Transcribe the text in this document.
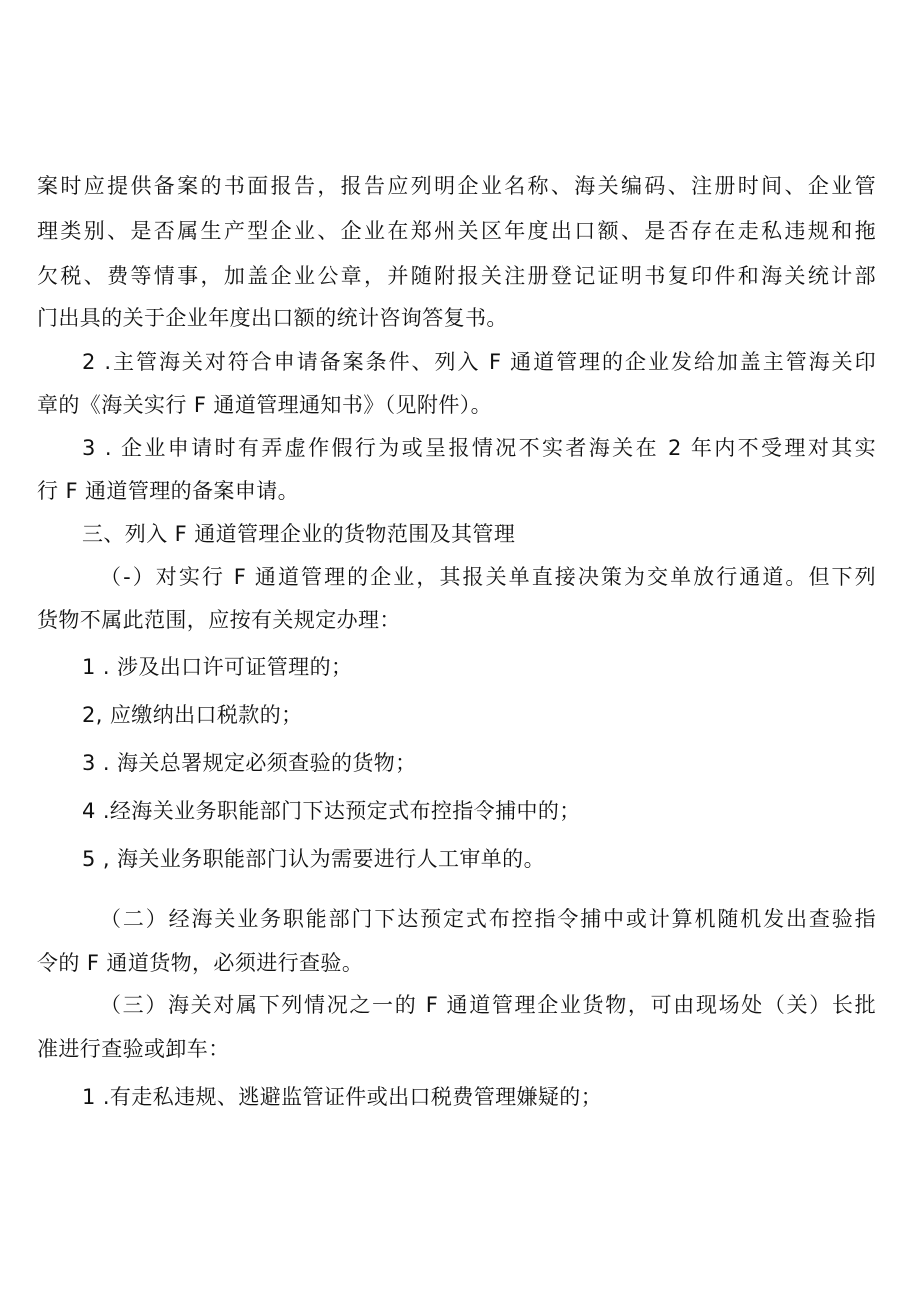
案时应提供备案的书面报告，报告应列明企业名称、海关编码、注册时间、企业管

理类别、是否属生产型企业、企业在郑州关区年度出口额、是否存在走私违规和拖

欠税、费等情事，加盖企业公章，并随附报关注册登记证明书复印件和海关统计部

门出具的关于企业年度出口额的统计咨询答复书。

2 .主管海关对符合申请备案条件、列入 F 通道管理的企业发给加盖主管海关印

章的《海关实行 F 通道管理通知书》（见附件）。

3 . 企业申请时有弄虚作假行为或呈报情况不实者海关在 2 年内不受理对其实

行 F 通道管理的备案申请。

三、列入 F 通道管理企业的货物范围及其管理

（-）对实行 F 通道管理的企业，其报关单直接决策为交单放行通道。但下列

货物不属此范围，应按有关规定办理：

1 . 涉及出口许可证管理的；

2, 应缴纳出口税款的；

3 . 海关总署规定必须查验的货物；

4 .经海关业务职能部门下达预定式布控指令捕中的；

5 , 海关业务职能部门认为需要进行人工审单的。

（二）经海关业务职能部门下达预定式布控指令捕中或计算机随机发出查验指

令的 F 通道货物，必须进行查验。

（三）海关对属下列情况之一的 F 通道管理企业货物，可由现场处（关）长批

准进行查验或卸车：

1 .有走私违规、逃避监管证件或出口税费管理嫌疑的；
